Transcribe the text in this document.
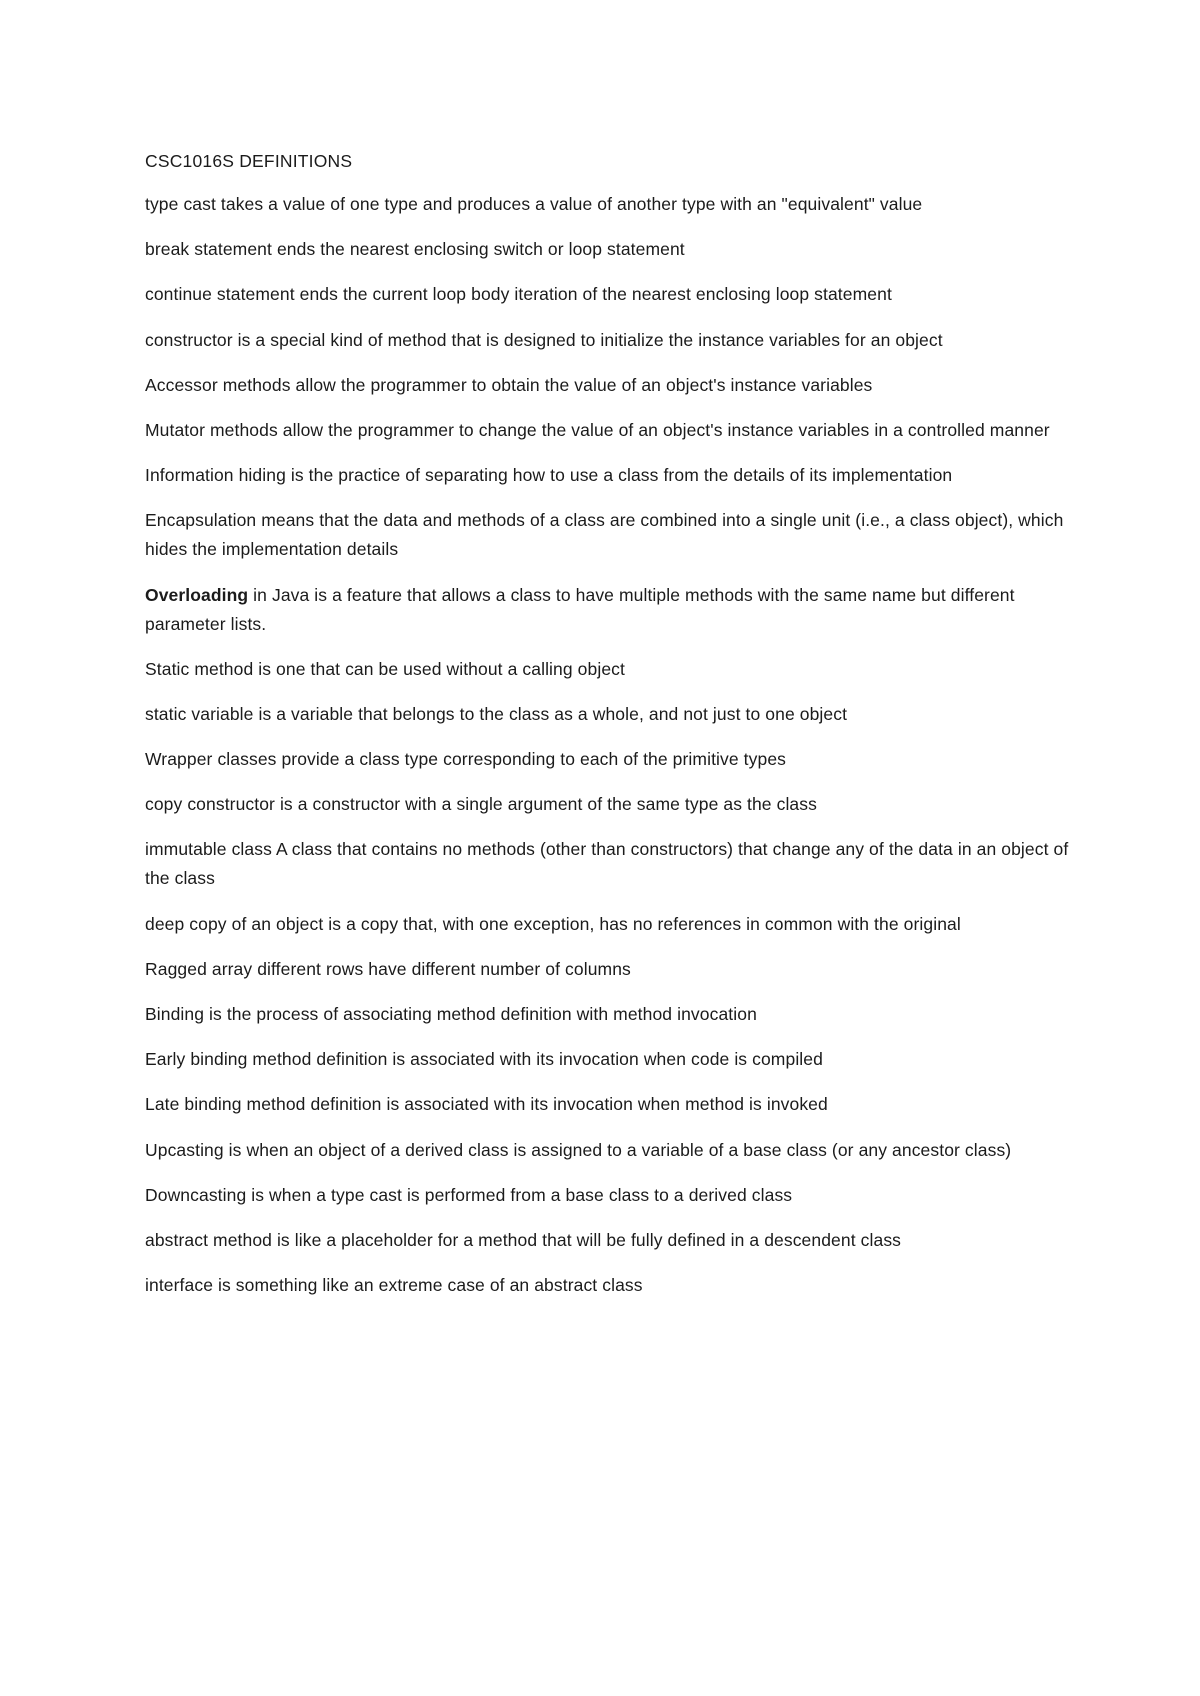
CSC1016S DEFINITIONS
type cast takes a value of one type and produces a value of another type with an "equivalent" value
break statement ends the nearest enclosing switch or loop statement
continue statement ends the current loop body iteration of the nearest enclosing loop statement
constructor is a special kind of method that is designed to initialize the instance variables for an object
Accessor methods allow the programmer to obtain the value of an object's instance variables
Mutator methods allow the programmer to change the value of an object's instance variables in a controlled manner
Information hiding is the practice of separating how to use a class from the details of its implementation
Encapsulation means that the data and methods of a class are combined into a single unit (i.e., a class object), which hides the implementation details
Overloading in Java is a feature that allows a class to have multiple methods with the same name but different parameter lists.
Static method is one that can be used without a calling object
static variable is a variable that belongs to the class as a whole, and not just to one object
Wrapper classes provide a class type corresponding to each of the primitive types
copy constructor is a constructor with a single argument of the same type as the class
immutable class A class that contains no methods (other than constructors) that change any of the data in an object of the class
deep copy of an object is a copy that, with one exception, has no references in common with the original
Ragged array different rows have different number of columns
Binding is the process of associating method definition with method invocation
Early binding method definition is associated with its invocation when code is compiled
Late binding method definition is associated with its invocation when method is invoked
Upcasting is when an object of a derived class is assigned to a variable of a base class (or any ancestor class)
Downcasting is when a type cast is performed from a base class to a derived class
abstract method is like a placeholder for a method that will be fully defined in a descendent class
interface is something like an extreme case of an abstract class
